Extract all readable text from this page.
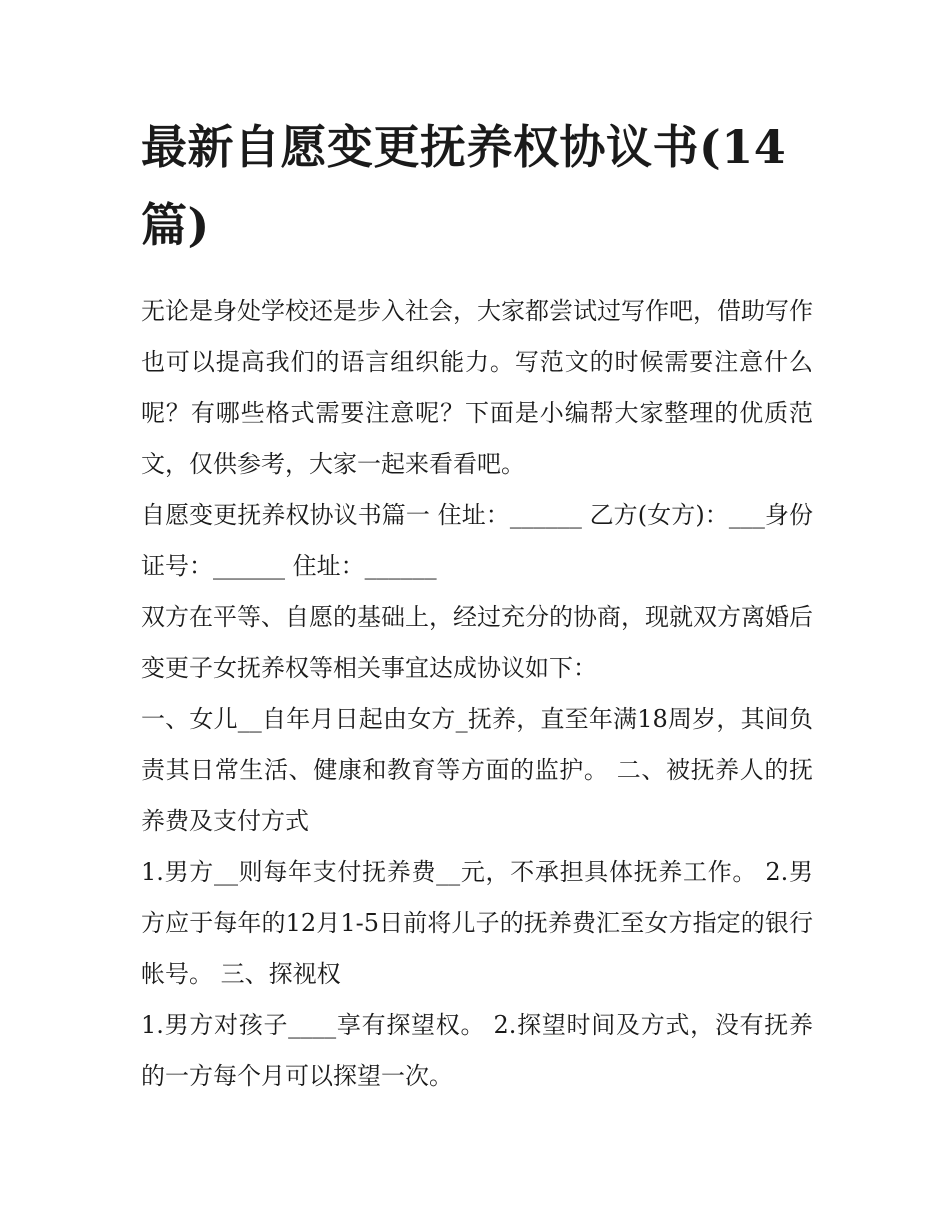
最新自愿变更抚养权协议书(14篇)

无论是身处学校还是步入社会，大家都尝试过写作吧，借助写作也可以提高我们的语言组织能力。写范文的时候需要注意什么呢？有哪些格式需要注意呢？下面是小编帮大家整理的优质范文，仅供参考，大家一起来看看吧。

自愿变更抚养权协议书篇一 住址：______ 乙方(女方)：___身份证号：______ 住址：______

双方在平等、自愿的基础上，经过充分的协商，现就双方离婚后变更子女抚养权等相关事宜达成协议如下：

一、女儿__自年月日起由女方_抚养，直至年满18周岁，其间负责其日常生活、健康和教育等方面的监护。 二、被抚养人的抚养费及支付方式

1.男方__则每年支付抚养费__元，不承担具体抚养工作。 2.男方应于每年的12月1-5日前将儿子的抚养费汇至女方指定的银行帐号。 三、探视权

1.男方对孩子____享有探望权。 2.探望时间及方式，没有抚养的一方每个月可以探望一次。
